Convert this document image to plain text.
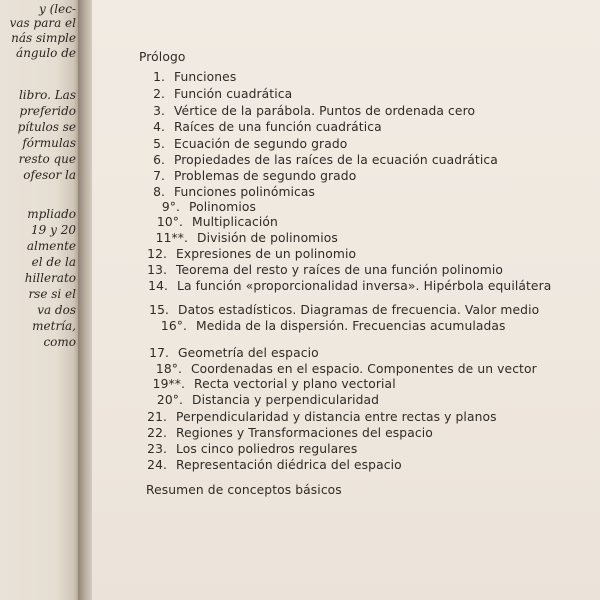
y (lec-
vas para el
nás simple
ángulo de
libro. Las
preferido
pítulos se
fórmulas
resto que
ofesor la
mpliado
19 y 20
almente
el de la
hillerato
rse si el
va dos
metría,
como
Prólogo
1. Funciones
2. Función cuadrática
3. Vértice de la parábola. Puntos de ordenada cero
4. Raíces de una función cuadrática
5. Ecuación de segundo grado
6. Propiedades de las raíces de la ecuación cuadrática
7. Problemas de segundo grado
8. Funciones polinómicas
9°. Polinomios
10°. Multiplicación
11**. División de polinomios
12. Expresiones de un polinomio
13. Teorema del resto y raíces de una función polinomio
14. La función «proporcionalidad inversa». Hipérbola equilátera
15. Datos estadísticos. Diagramas de frecuencia. Valor medio
16°. Medida de la dispersión. Frecuencias acumuladas
17. Geometría del espacio
18°. Coordenadas en el espacio. Componentes de un vector
19**. Recta vectorial y plano vectorial
20°. Distancia y perpendicularidad
21. Perpendicularidad y distancia entre rectas y planos
22. Regiones y Transformaciones del espacio
23. Los cinco poliedros regulares
24. Representación diédrica del espacio
Resumen de conceptos básicos
